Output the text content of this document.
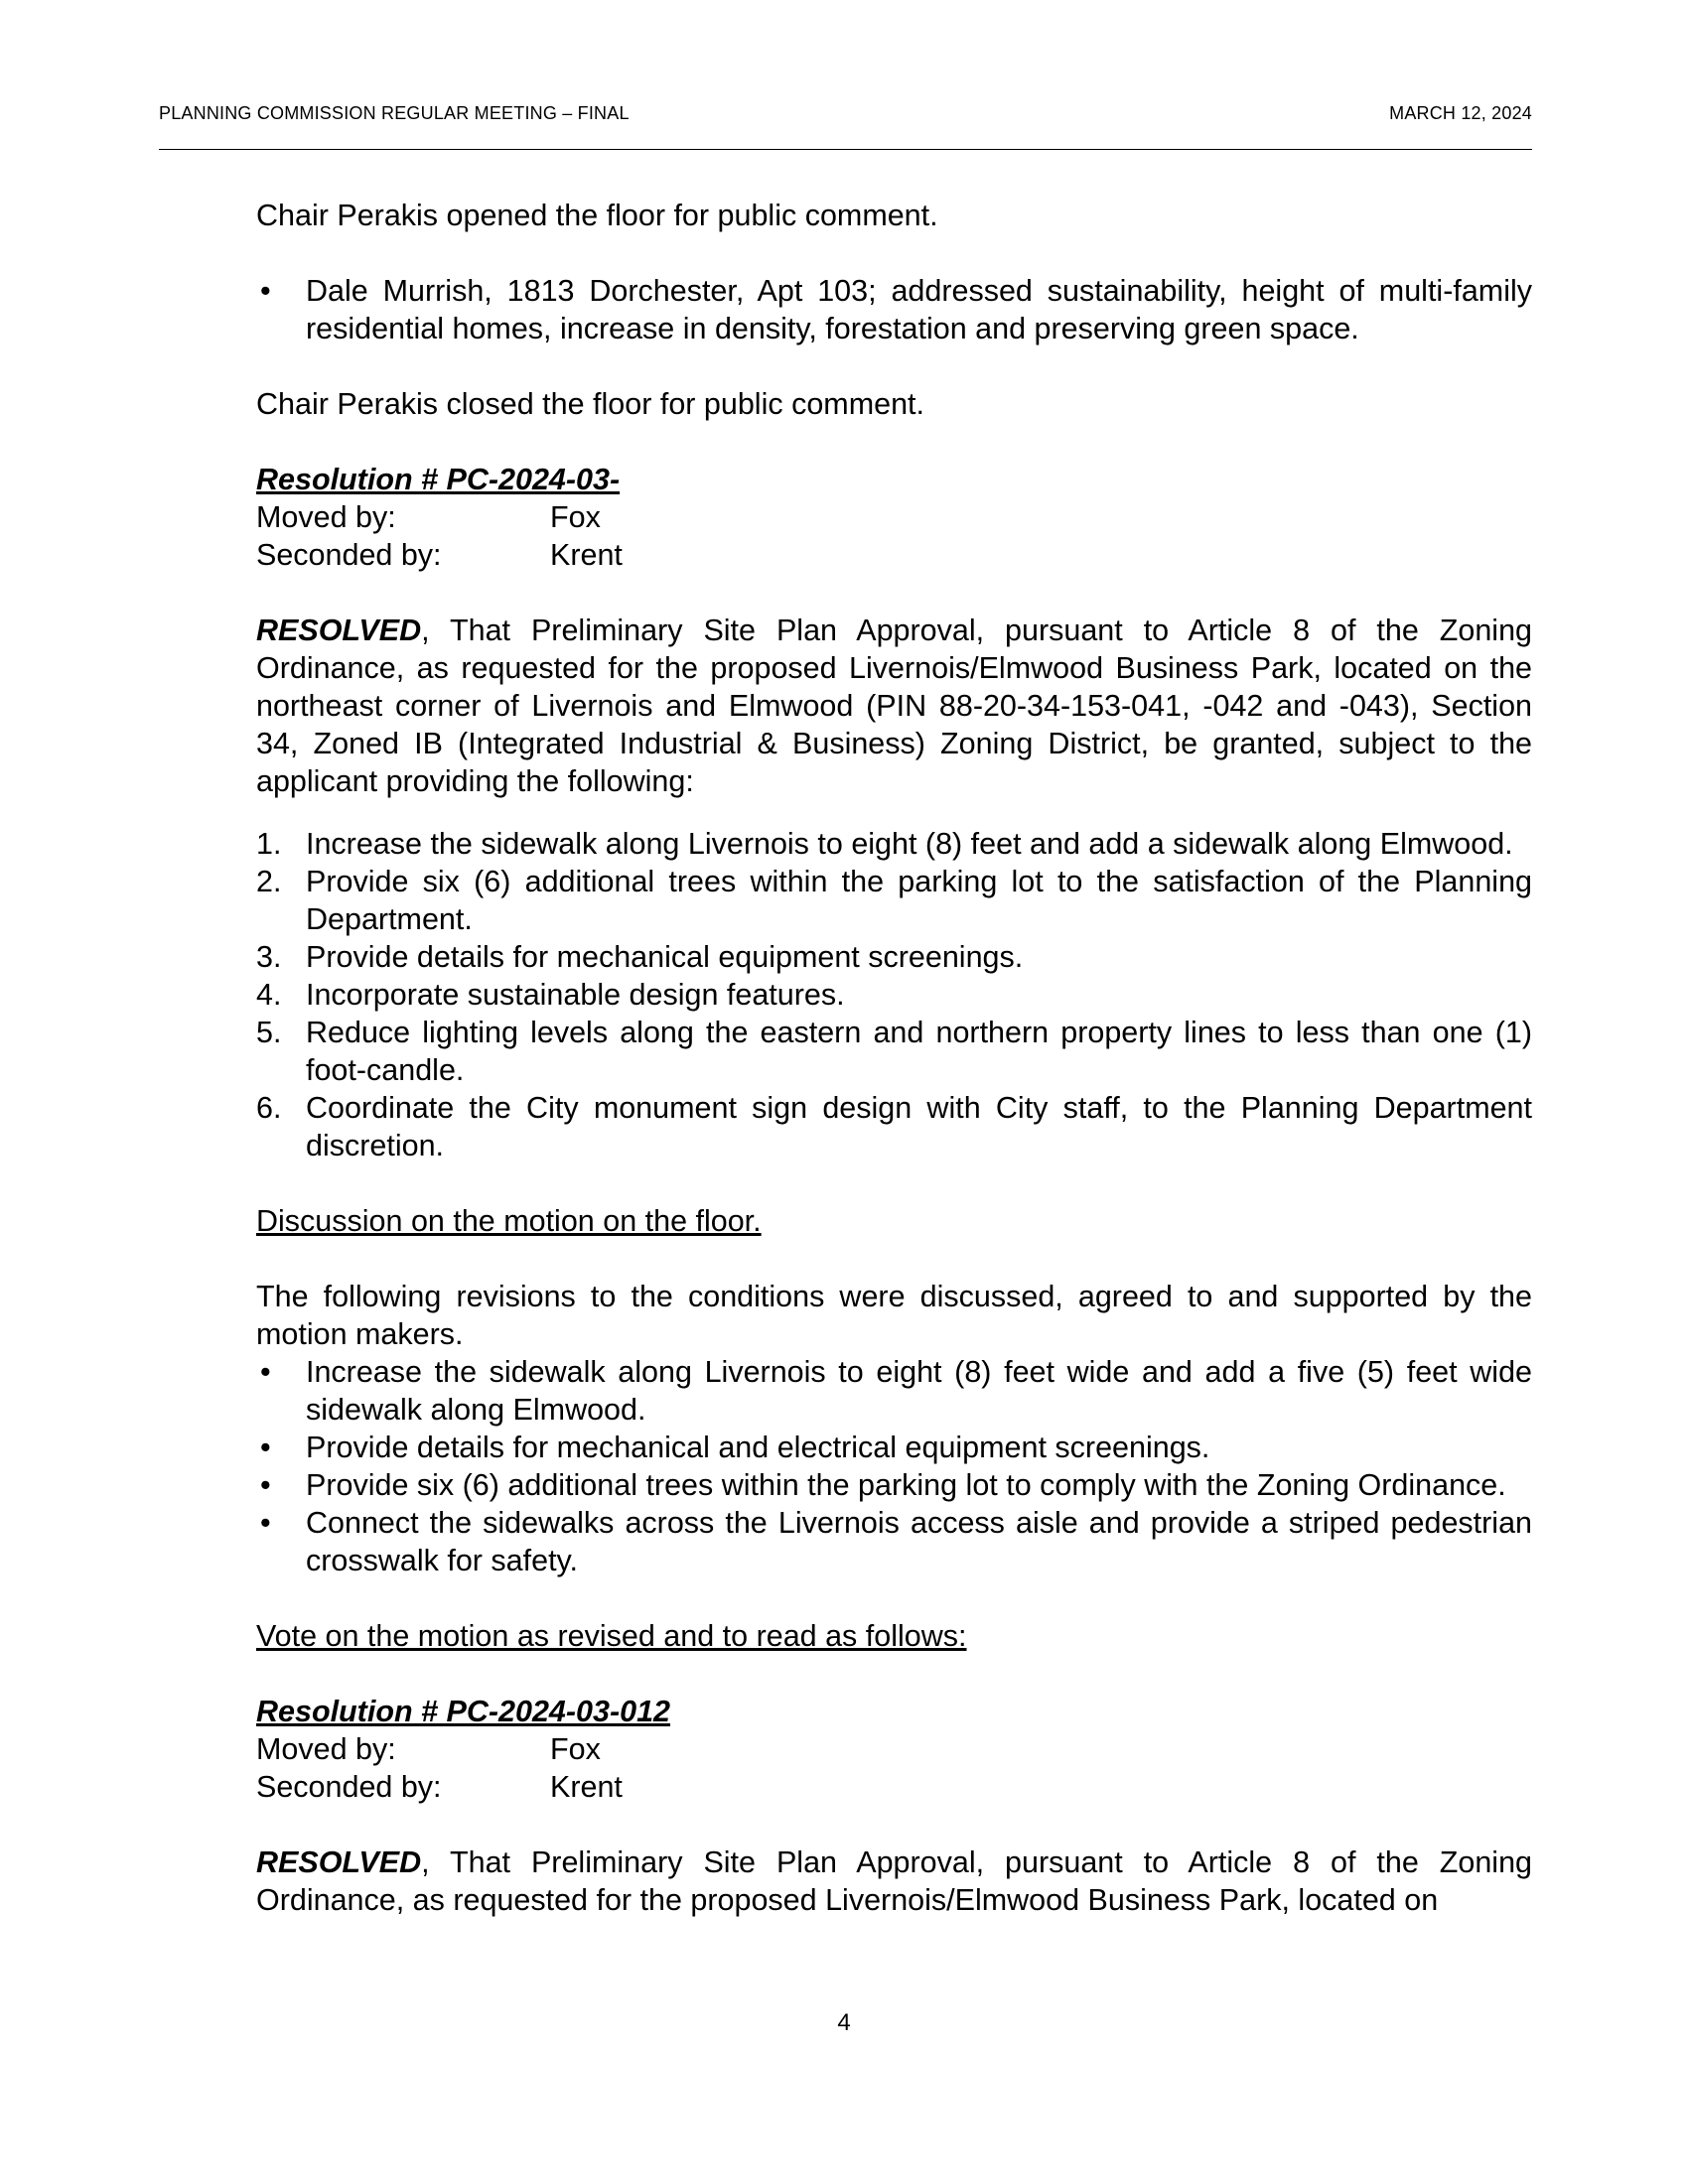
PLANNING COMMISSION REGULAR MEETING – FINAL	MARCH 12, 2024

Chair Perakis opened the floor for public comment.

• Dale Murrish, 1813 Dorchester, Apt 103; addressed sustainability, height of multi-family residential homes, increase in density, forestation and preserving green space.

Chair Perakis closed the floor for public comment.

Resolution # PC-2024-03-
Moved by:	Fox
Seconded by:	Krent

RESOLVED, That Preliminary Site Plan Approval, pursuant to Article 8 of the Zoning Ordinance, as requested for the proposed Livernois/Elmwood Business Park, located on the northeast corner of Livernois and Elmwood (PIN 88-20-34-153-041, -042 and -043), Section 34, Zoned IB (Integrated Industrial & Business) Zoning District, be granted, subject to the applicant providing the following:

1. Increase the sidewalk along Livernois to eight (8) feet and add a sidewalk along Elmwood.
2. Provide six (6) additional trees within the parking lot to the satisfaction of the Planning Department.
3. Provide details for mechanical equipment screenings.
4. Incorporate sustainable design features.
5. Reduce lighting levels along the eastern and northern property lines to less than one (1) foot-candle.
6. Coordinate the City monument sign design with City staff, to the Planning Department discretion.

Discussion on the motion on the floor.

The following revisions to the conditions were discussed, agreed to and supported by the motion makers.

• Increase the sidewalk along Livernois to eight (8) feet wide and add a five (5) feet wide sidewalk along Elmwood.
• Provide details for mechanical and electrical equipment screenings.
• Provide six (6) additional trees within the parking lot to comply with the Zoning Ordinance.
• Connect the sidewalks across the Livernois access aisle and provide a striped pedestrian crosswalk for safety.

Vote on the motion as revised and to read as follows:

Resolution # PC-2024-03-012
Moved by:	Fox
Seconded by:	Krent

RESOLVED, That Preliminary Site Plan Approval, pursuant to Article 8 of the Zoning Ordinance, as requested for the proposed Livernois/Elmwood Business Park, located on

4
